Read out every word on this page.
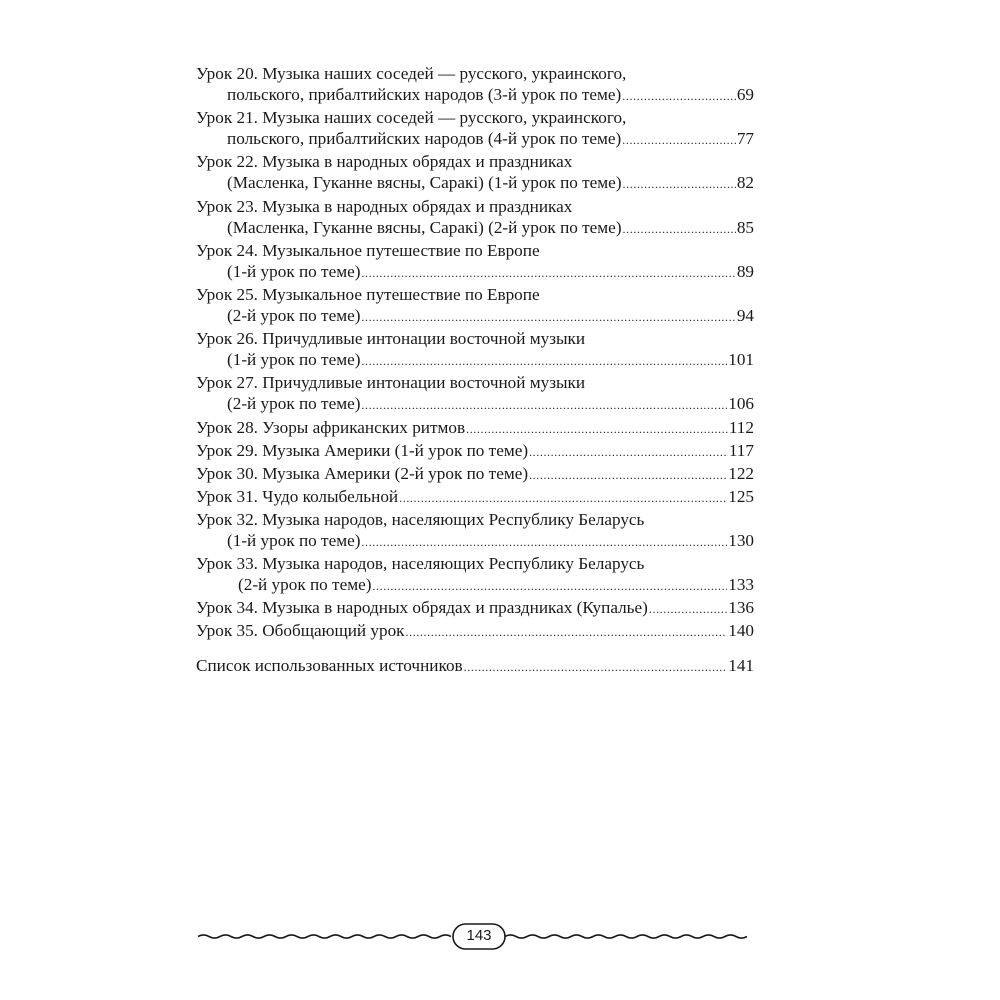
Урок 20. Музыка наших соседей — русского, украинского,
польского, прибалтийских народов (3-й урок по теме) .....	69
Урок 21. Музыка наших соседей — русского, украинского,
польского, прибалтийских народов (4-й урок по теме) .....	77
Урок 22. Музыка в народных обрядах и праздниках
(Масленка, Гуканне вясны, Саракі) (1-й урок по теме) .....	82
Урок 23. Музыка в народных обрядах и праздниках
(Масленка, Гуканне вясны, Саракі) (2-й урок по теме) .....	85
Урок 24. Музыкальное путешествие по Европе
(1-й урок по теме) .....	89
Урок 25. Музыкальное путешествие по Европе
(2-й урок по теме) .....	94
Урок 26. Причудливые интонации восточной музыки
(1-й урок по теме) .....	101
Урок 27. Причудливые интонации восточной музыки
(2-й урок по теме) .....	106
Урок 28. Узоры африканских ритмов .....	112
Урок 29. Музыка Америки (1-й урок по теме) .....	117
Урок 30. Музыка Америки (2-й урок по теме) .....	122
Урок 31. Чудо колыбельной .....	125
Урок 32. Музыка народов, населяющих Республику Беларусь
(1-й урок по теме) .....	130
Урок 33. Музыка народов, населяющих Республику Беларусь
(2-й урок по теме) .....	133
Урок 34. Музыка в народных обрядах и праздниках (Купалье) .....	136
Урок 35. Обобщающий урок .....	140
Список использованных источников .....	141
143
